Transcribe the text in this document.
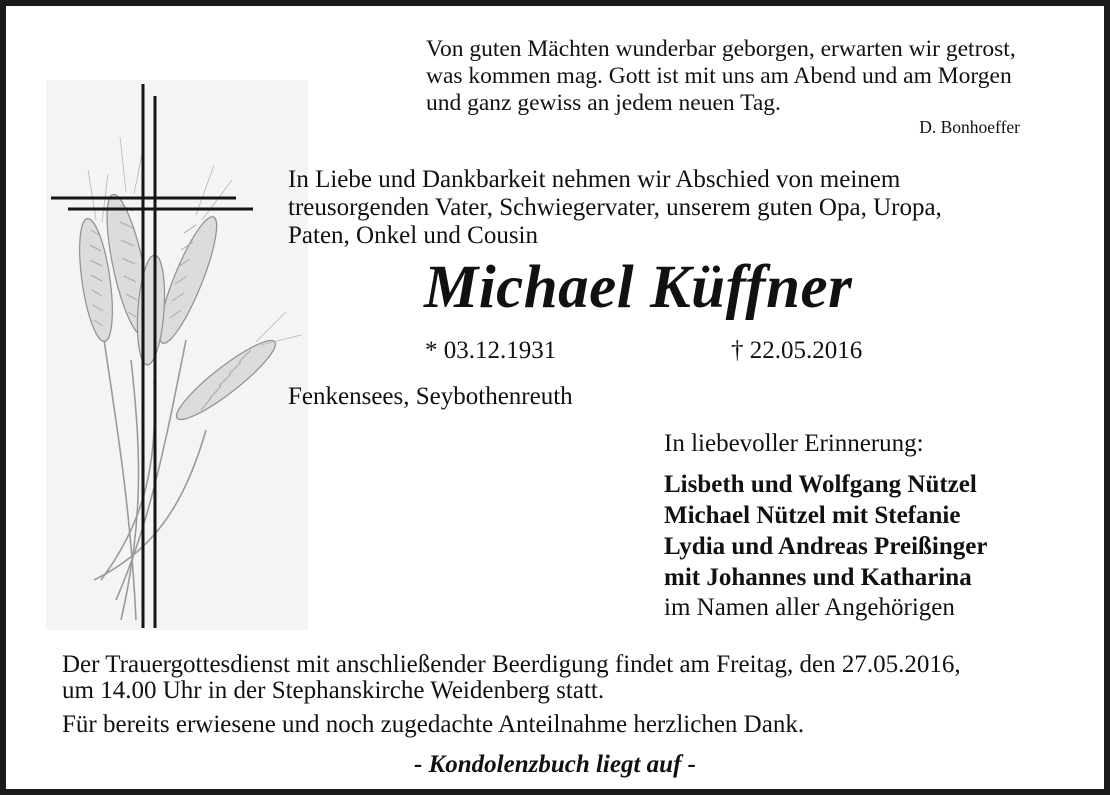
Von guten Mächten wunderbar geborgen, erwarten wir getrost,
was kommen mag. Gott ist mit uns am Abend und am Morgen
und ganz gewiss an jedem neuen Tag.
D. Bonhoeffer
In Liebe und Dankbarkeit nehmen wir Abschied von meinem
treusorgenden Vater, Schwiegervater, unserem guten Opa, Uropa,
Paten, Onkel und Cousin
Michael Küffner
* 03.12.1931	† 22.05.2016
Fenkensees, Seybothenreuth
In liebevoller Erinnerung:
Lisbeth und Wolfgang Nützel
Michael Nützel mit Stefanie
Lydia und Andreas Preißinger
mit Johannes und Katharina
im Namen aller Angehörigen
Der Trauergottesdienst mit anschließender Beerdigung findet am Freitag, den 27.05.2016,
um 14.00 Uhr in der Stephanskirche Weidenberg statt.
Für bereits erwiesene und noch zugedachte Anteilnahme herzlichen Dank.
- Kondolenzbuch liegt auf -
